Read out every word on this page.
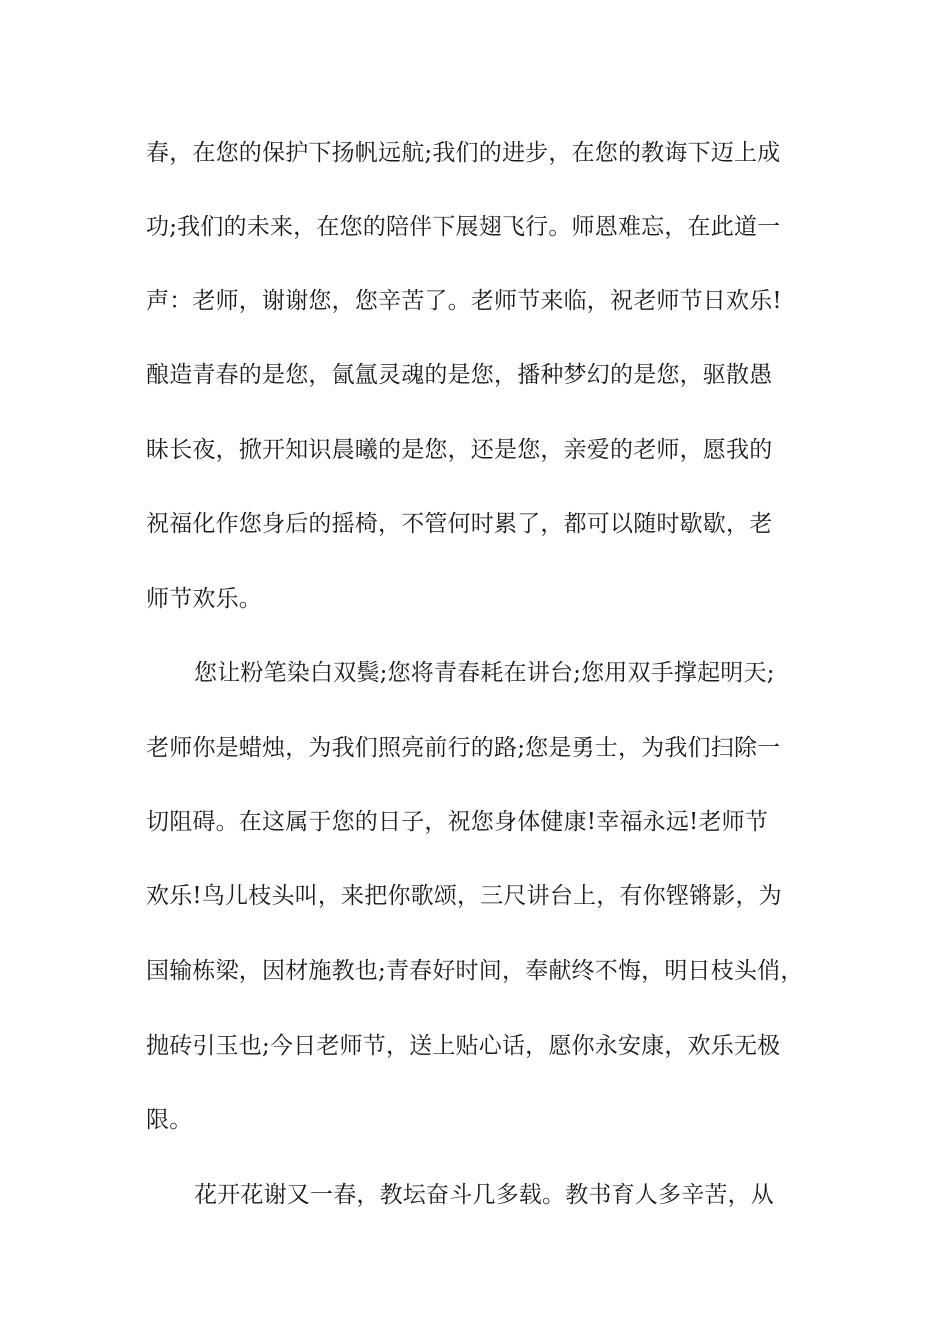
春，在您的保护下扬帆远航;我们的进步，在您的教诲下迈上成
功;我们的未来，在您的陪伴下展翅飞行。师恩难忘，在此道一
声：老师，谢谢您，您辛苦了。老师节来临，祝老师节日欢乐!
酿造青春的是您，氤氲灵魂的是您，播种梦幻的是您，驱散愚
昧长夜，掀开知识晨曦的是您，还是您，亲爱的老师，愿我的
祝福化作您身后的摇椅，不管何时累了，都可以随时歇歇，老
师节欢乐。
您让粉笔染白双鬓;您将青春耗在讲台;您用双手撑起明天;
老师你是蜡烛，为我们照亮前行的路;您是勇士，为我们扫除一
切阻碍。在这属于您的日子，祝您身体健康!幸福永远!老师节
欢乐!鸟儿枝头叫，来把你歌颂，三尺讲台上，有你铿锵影，为
国输栋梁，因材施教也;青春好时间，奉献终不悔，明日枝头俏，
抛砖引玉也;今日老师节，送上贴心话，愿你永安康，欢乐无极
限。
花开花谢又一春，教坛奋斗几多载。教书育人多辛苦，从
